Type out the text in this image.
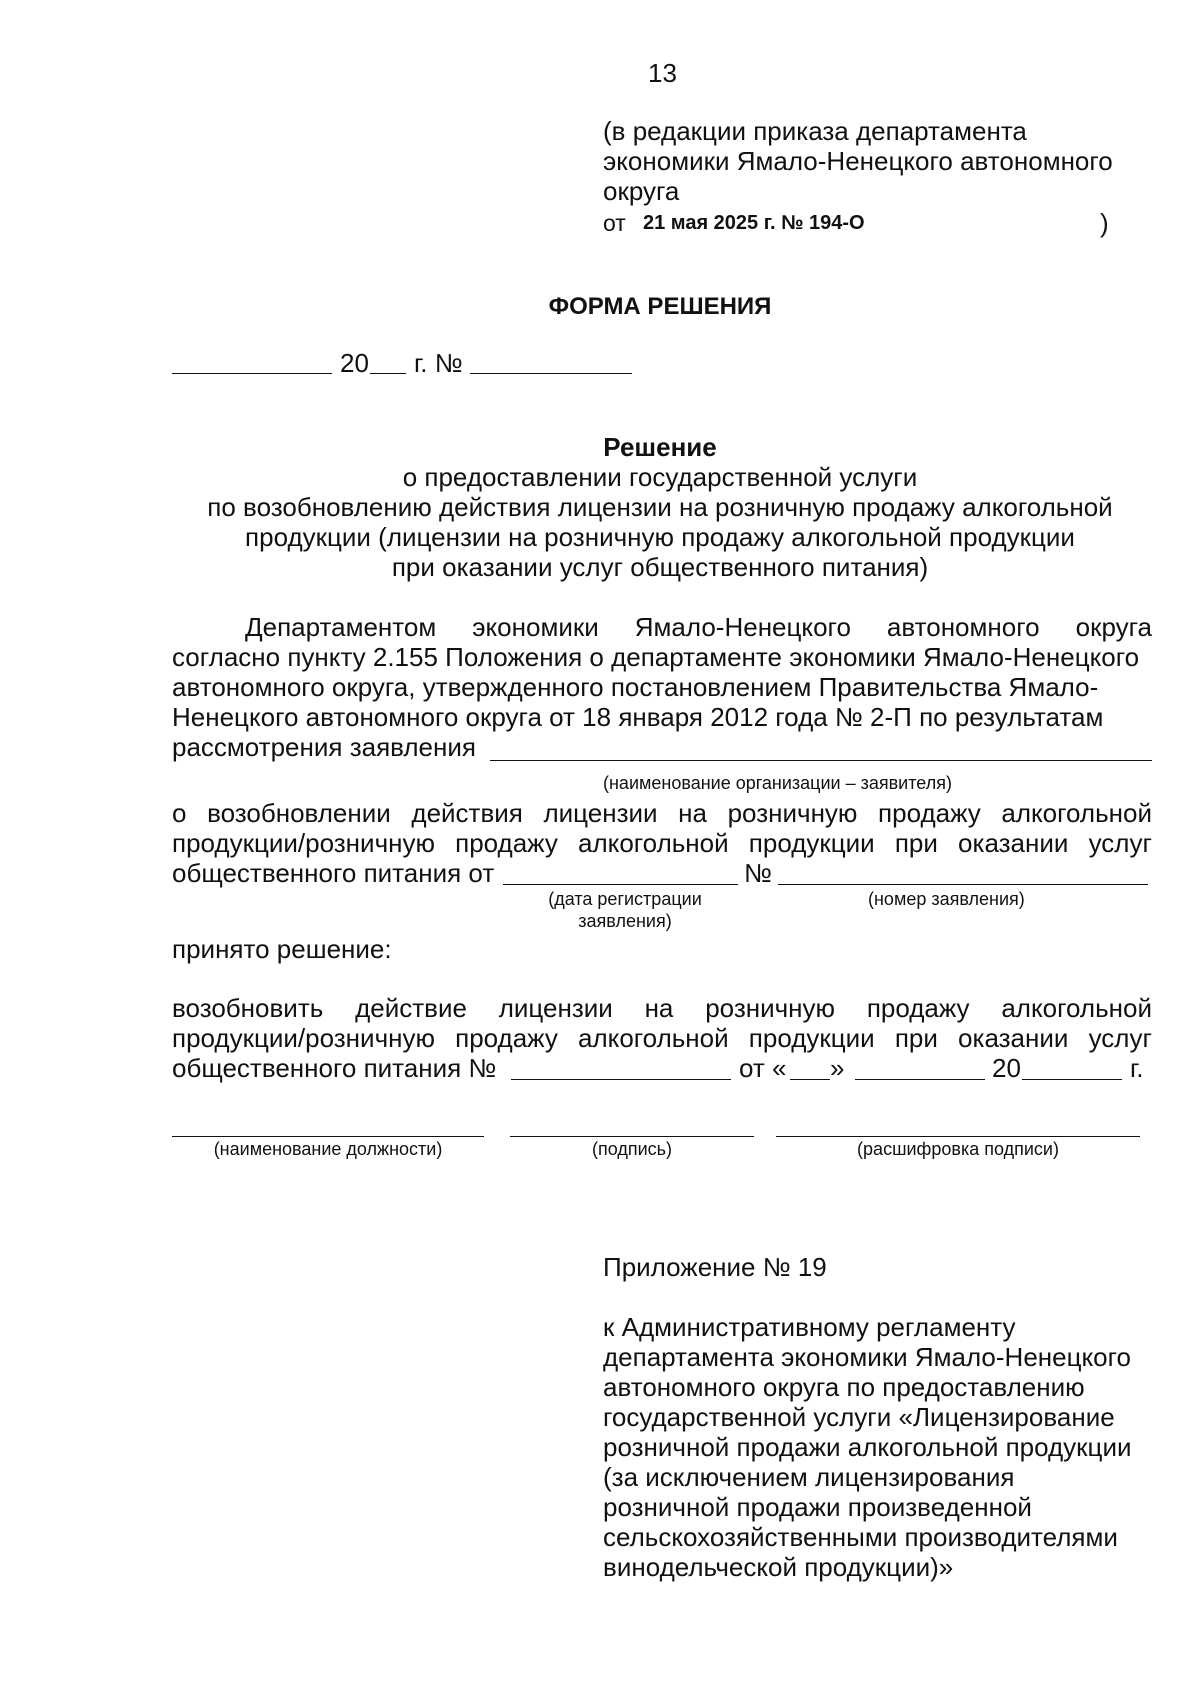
13
(в редакции приказа департамента
экономики Ямало-Ненецкого автономного
округа
от 21 мая 2025 г. № 194-О	)
ФОРМА РЕШЕНИЯ
20 г. №
Решение
о предоставлении государственной услуги
по возобновлению действия лицензии на розничную продажу алкогольной
продукции (лицензии на розничную продажу алкогольной продукции
при оказании услуг общественного питания)
Департаментом экономики Ямало-Ненецкого автономного округа
согласно пункту 2.155 Положения о департаменте экономики Ямало-Ненецкого
автономного округа, утвержденного постановлением Правительства Ямало-
Ненецкого автономного округа от 18 января 2012 года № 2-П по результатам
рассмотрения заявления
(наименование организации – заявителя)
о возобновлении действия лицензии на розничную продажу алкогольной
продукции/розничную продажу алкогольной продукции при оказании услуг
общественного питания от	№
(дата регистрации
заявления)
(номер заявления)
принято решение:
возобновить действие лицензии на розничную продажу алкогольной
продукции/розничную продажу алкогольной продукции при оказании услуг
общественного питания №	от « »	20	г.
(наименование должности)	(подпись)	(расшифровка подписи)
Приложение № 19
к Административному регламенту
департамента экономики Ямало-Ненецкого
автономного округа по предоставлению
государственной услуги «Лицензирование
розничной продажи алкогольной продукции
(за исключением лицензирования
розничной продажи произведенной
сельскохозяйственными производителями
винодельческой продукции)»
